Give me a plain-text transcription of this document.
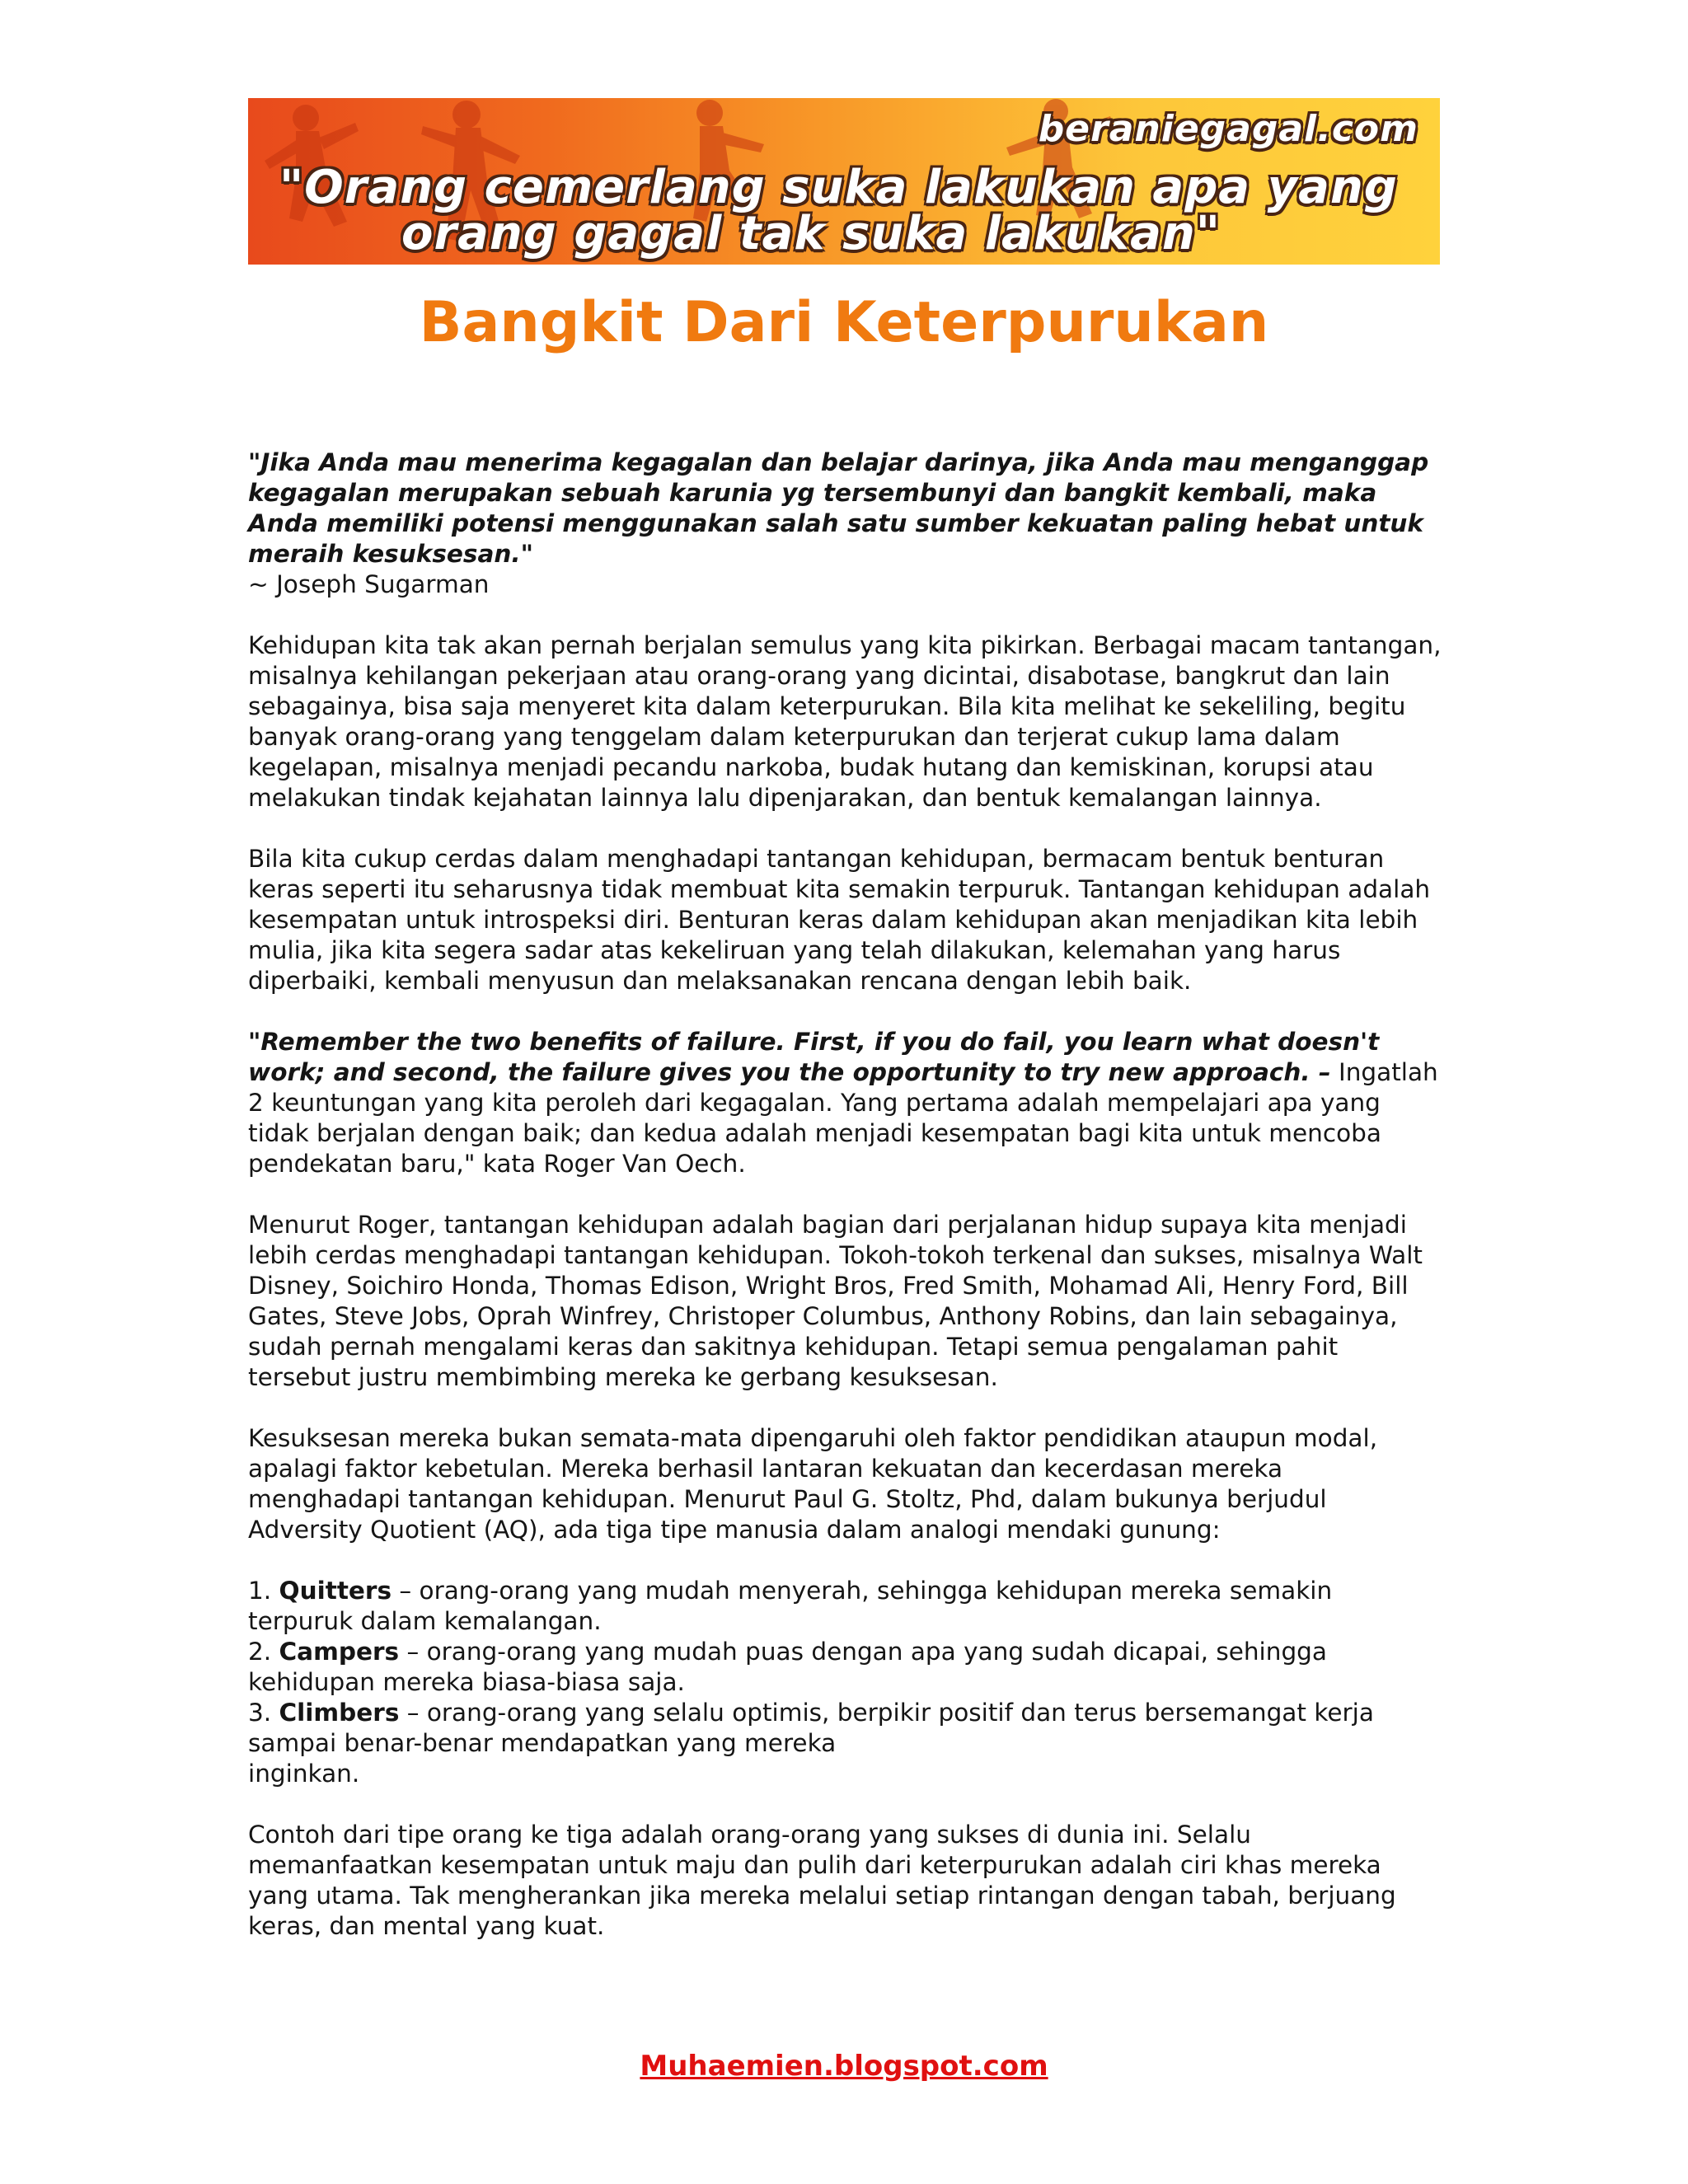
beraniegagal.com
"Orang cemerlang suka lakukan apa yang
orang gagal tak suka lakukan"
Bangkit Dari Keterpurukan

"Jika Anda mau menerima kegagalan dan belajar darinya, jika Anda mau menganggap kegagalan merupakan sebuah karunia yg tersembunyi dan bangkit kembali, maka Anda memiliki potensi menggunakan salah satu sumber kekuatan paling hebat untuk meraih kesuksesan."
~ Joseph Sugarman

Kehidupan kita tak akan pernah berjalan semulus yang kita pikirkan. Berbagai macam tantangan, misalnya kehilangan pekerjaan atau orang-orang yang dicintai, disabotase, bangkrut dan lain sebagainya, bisa saja menyeret kita dalam keterpurukan. Bila kita melihat ke sekeliling, begitu banyak orang-orang yang tenggelam dalam keterpurukan dan terjerat cukup lama dalam kegelapan, misalnya menjadi pecandu narkoba, budak hutang dan kemiskinan, korupsi atau melakukan tindak kejahatan lainnya lalu dipenjarakan, dan bentuk kemalangan lainnya.

Bila kita cukup cerdas dalam menghadapi tantangan kehidupan, bermacam bentuk benturan keras seperti itu seharusnya tidak membuat kita semakin terpuruk. Tantangan kehidupan adalah kesempatan untuk introspeksi diri. Benturan keras dalam kehidupan akan menjadikan kita lebih mulia, jika kita segera sadar atas kekeliruan yang telah dilakukan, kelemahan yang harus diperbaiki, kembali menyusun dan melaksanakan rencana dengan lebih baik.

"Remember the two benefits of failure. First, if you do fail, you learn what doesn't work; and second, the failure gives you the opportunity to try new approach. – Ingatlah 2 keuntungan yang kita peroleh dari kegagalan. Yang pertama adalah mempelajari apa yang tidak berjalan dengan baik; dan kedua adalah menjadi kesempatan bagi kita untuk mencoba pendekatan baru," kata Roger Van Oech.

Menurut Roger, tantangan kehidupan adalah bagian dari perjalanan hidup supaya kita menjadi lebih cerdas menghadapi tantangan kehidupan. Tokoh-tokoh terkenal dan sukses, misalnya Walt Disney, Soichiro Honda, Thomas Edison, Wright Bros, Fred Smith, Mohamad Ali, Henry Ford, Bill Gates, Steve Jobs, Oprah Winfrey, Christoper Columbus, Anthony Robins, dan lain sebagainya, sudah pernah mengalami keras dan sakitnya kehidupan. Tetapi semua pengalaman pahit tersebut justru membimbing mereka ke gerbang kesuksesan.

Kesuksesan mereka bukan semata-mata dipengaruhi oleh faktor pendidikan ataupun modal, apalagi faktor kebetulan. Mereka berhasil lantaran kekuatan dan kecerdasan mereka menghadapi tantangan kehidupan. Menurut Paul G. Stoltz, Phd, dalam bukunya berjudul Adversity Quotient (AQ), ada tiga tipe manusia dalam analogi mendaki gunung:

1. Quitters – orang-orang yang mudah menyerah, sehingga kehidupan mereka semakin terpuruk dalam kemalangan.

2. Campers – orang-orang yang mudah puas dengan apa yang sudah dicapai, sehingga kehidupan mereka biasa-biasa saja.

3. Climbers – orang-orang yang selalu optimis, berpikir positif dan terus bersemangat kerja sampai benar-benar mendapatkan yang mereka
inginkan.

Contoh dari tipe orang ke tiga adalah orang-orang yang sukses di dunia ini. Selalu memanfaatkan kesempatan untuk maju dan pulih dari keterpurukan adalah ciri khas mereka yang utama. Tak mengherankan jika mereka melalui setiap rintangan dengan tabah, berjuang keras, dan mental yang kuat.

Muhaemien.blogspot.com
